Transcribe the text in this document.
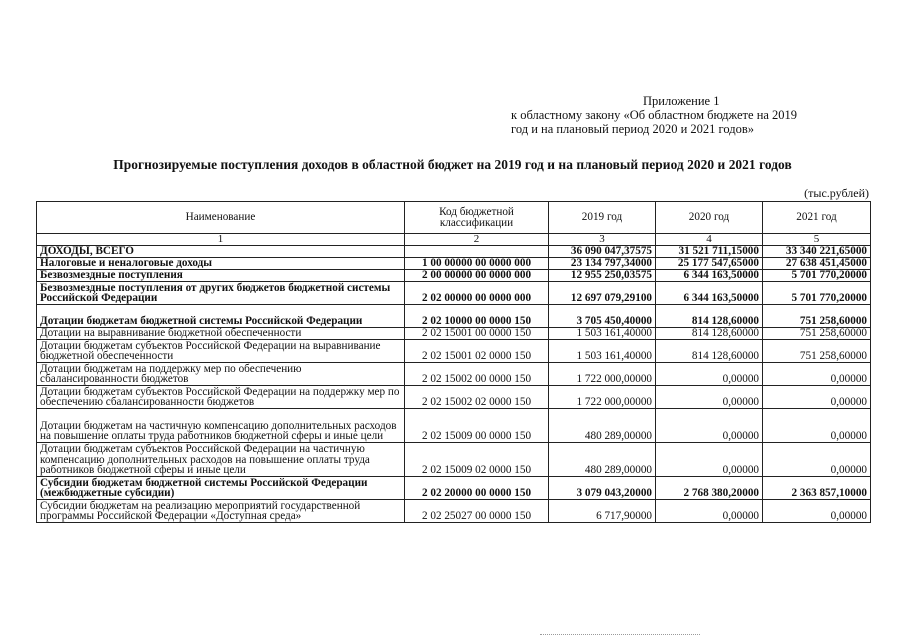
Приложение 1
к областному закону «Об областном бюджете на 2019
год и на плановый период 2020 и 2021 годов»
Прогнозируемые поступления доходов в областной бюджет на 2019 год и на плановый период 2020 и 2021 годов
(тыс.рублей)
Наименование	Код бюджетной классификации	2019 год	2020 год	2021 год
1	2	3	4	5
ДОХОДЫ, ВСЕГО		36 090 047,37575	31 521 711,15000	33 340 221,65000
Налоговые и неналоговые доходы	1 00 00000 00 0000 000	23 134 797,34000	25 177 547,65000	27 638 451,45000
Безвозмездные поступления	2 00 00000 00 0000 000	12 955 250,03575	6 344 163,50000	5 701 770,20000
Безвозмездные поступления от других бюджетов бюджетной системы Российской Федерации	2 02 00000 00 0000 000	12 697 079,29100	6 344 163,50000	5 701 770,20000
Дотации бюджетам бюджетной системы Российской Федерации	2 02 10000 00 0000 150	3 705 450,40000	814 128,60000	751 258,60000
Дотации на выравнивание бюджетной обеспеченности	2 02 15001 00 0000 150	1 503 161,40000	814 128,60000	751 258,60000
Дотации бюджетам субъектов Российской Федерации на выравнивание бюджетной обеспеченности	2 02 15001 02 0000 150	1 503 161,40000	814 128,60000	751 258,60000
Дотации бюджетам на поддержку мер по обеспечению сбалансированности бюджетов	2 02 15002 00 0000 150	1 722 000,00000	0,00000	0,00000
Дотации бюджетам субъектов Российской Федерации на поддержку мер по обеспечению сбалансированности бюджетов	2 02 15002 02 0000 150	1 722 000,00000	0,00000	0,00000
Дотации бюджетам на частичную компенсацию дополнительных расходов на повышение оплаты труда работников бюджетной сферы и иные цели	2 02 15009 00 0000 150	480 289,00000	0,00000	0,00000
Дотации бюджетам субъектов Российской Федерации на частичную компенсацию дополнительных расходов на повышение оплаты труда работников бюджетной сферы и иные цели	2 02 15009 02 0000 150	480 289,00000	0,00000	0,00000
Субсидии бюджетам бюджетной системы Российской Федерации (межбюджетные субсидии)	2 02 20000 00 0000 150	3 079 043,20000	2 768 380,20000	2 363 857,10000
Субсидии бюджетам на реализацию мероприятий государственной программы Российской Федерации «Доступная среда»	2 02 25027 00 0000 150	6 717,90000	0,00000	0,00000
